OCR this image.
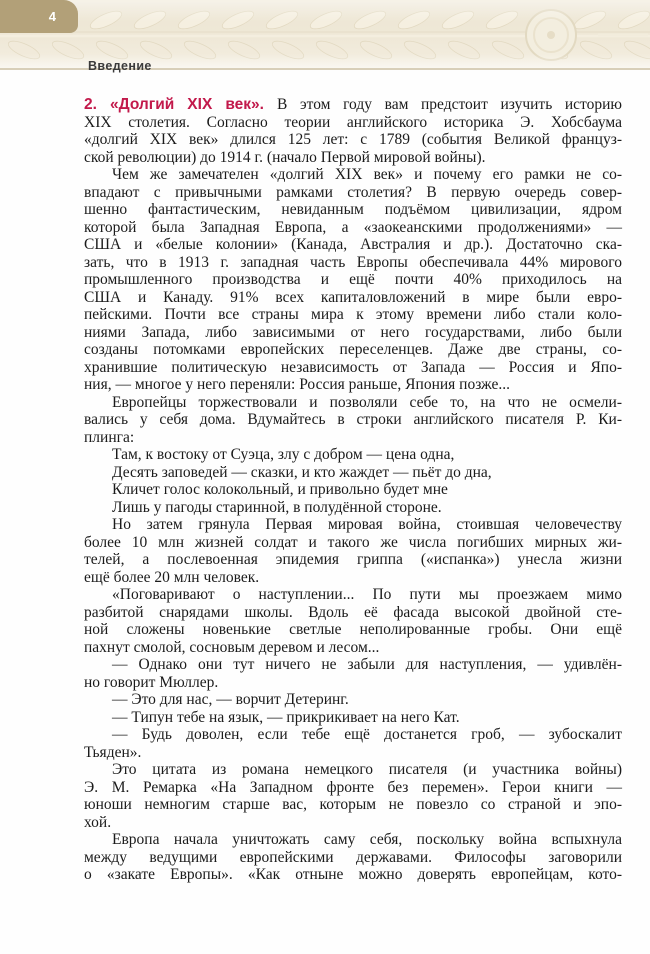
4
Введение
2. «Долгий XIX век». В этом году вам предстоит изучить историю
XIX столетия. Согласно теории английского историка Э. Хобсбаума
«долгий XIX век» длился 125 лет: с 1789 (события Великой француз-
ской революции) до 1914 г. (начало Первой мировой войны).
Чем же замечателен «долгий XIX век» и почему его рамки не со-
впадают с привычными рамками столетия? В первую очередь совер-
шенно фантастическим, невиданным подъёмом цивилизации, ядром
которой была Западная Европа, а «заокеанскими продолжениями» —
США и «белые колонии» (Канада, Австралия и др.). Достаточно ска-
зать, что в 1913 г. западная часть Европы обеспечивала 44% мирового
промышленного производства и ещё почти 40% приходилось на
США и Канаду. 91% всех капиталовложений в мире были евро-
пейскими. Почти все страны мира к этому времени либо стали коло-
ниями Запада, либо зависимыми от него государствами, либо были
созданы потомками европейских переселенцев. Даже две страны, со-
хранившие политическую независимость от Запада — Россия и Япо-
ния, — многое у него переняли: Россия раньше, Япония позже...
Европейцы торжествовали и позволяли себе то, на что не осмели-
вались у себя дома. Вдумайтесь в строки английского писателя Р. Ки-
плинга:
Там, к востоку от Суэца, злу с добром — цена одна,
Десять заповедей — сказки, и кто жаждет — пьёт до дна,
Кличет голос колокольный, и привольно будет мне
Лишь у пагоды старинной, в полудённой стороне.
Но затем грянула Первая мировая война, стоившая человечеству
более 10 млн жизней солдат и такого же числа погибших мирных жи-
телей, а послевоенная эпидемия гриппа («испанка») унесла жизни
ещё более 20 млн человек.
«Поговаривают о наступлении... По пути мы проезжаем мимо
разбитой снарядами школы. Вдоль её фасада высокой двойной сте-
ной сложены новенькие светлые неполированные гробы. Они ещё
пахнут смолой, сосновым деревом и лесом...
— Однако они тут ничего не забыли для наступления, — удивлён-
но говорит Мюллер.
— Это для нас, — ворчит Детеринг.
— Типун тебе на язык, — прикрикивает на него Кат.
— Будь доволен, если тебе ещё достанется гроб, — зубоскалит
Тьяден».
Это цитата из романа немецкого писателя (и участника войны)
Э. М. Ремарка «На Западном фронте без перемен». Герои книги —
юноши немногим старше вас, которым не повезло со страной и эпо-
хой.
Европа начала уничтожать саму себя, поскольку война вспыхнула
между ведущими европейскими державами. Философы заговорили
о «закате Европы». «Как отныне можно доверять европейцам, кото-
